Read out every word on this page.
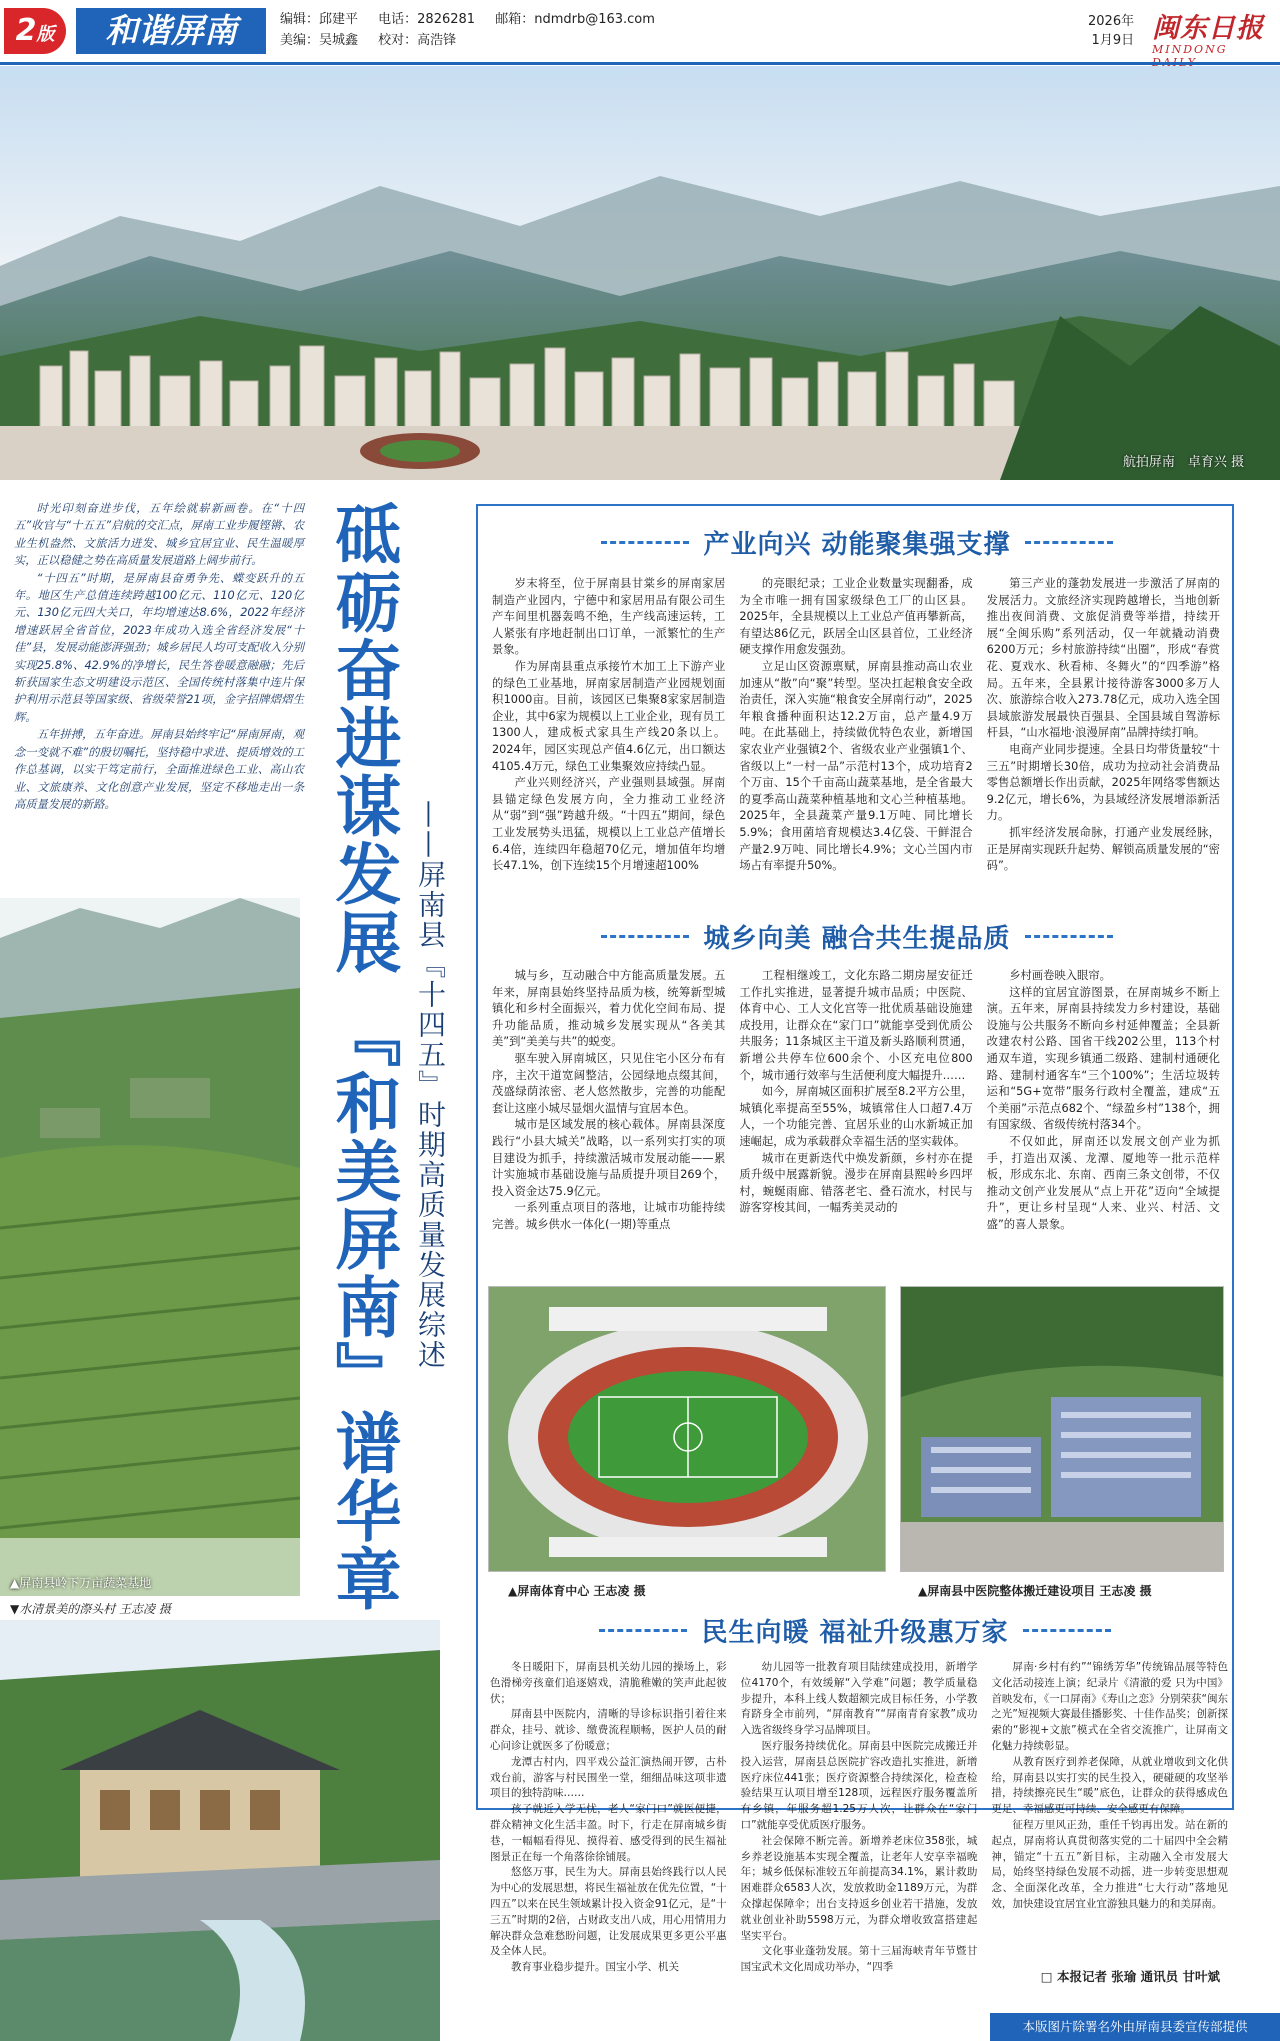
2版	和谐屏南	编辑：邱建平 电话：2826281 邮箱：ndmdrb@163.com
美编：吴城鑫 校对：高浩锋
2026年
1月9日 闽东日报
MINDONG
航拍屏南　卓育兴 摄

时光印刻奋进步伐，五年绘就崭新画卷。在“十四五”收官与“十五五”启航的交汇点，屏南工业步履铿锵、农业生机盎然、文旅活力迸发、城乡宜居宜业、民生温暖厚实，正以稳健之势在高质量发展道路上阔步前行。

“十四五”时期，是屏南县奋勇争先、蝶变跃升的五年。地区生产总值连续跨越100亿元、110亿元、120亿元、130亿元四大关口，年均增速达8.6%，2022年经济增速跃居全省首位，2023年成功入选全省经济发展“十佳”县，发展动能澎湃强劲；城乡居民人均可支配收入分别实现25.8%、42.9%的净增长，民生答卷暖意融融；先后斩获国家生态文明建设示范区、全国传统村落集中连片保护利用示范县等国家级、省级荣誉21项，金字招牌熠熠生辉。

五年拼搏，五年奋进。屏南县始终牢记“屏南屏南，观念一变就不难”的殷切嘱托，坚持稳中求进、提质增效的工作总基调，以实干笃定前行，全面推进绿色工业、高山农业、文旅康养、文化创意产业发展，坚定不移地走出一条高质量发展的新路。

▲屏南县岭下万亩蔬菜基地
▼水清景美的漈头村 王志凌 摄 砥砺奋进谋发展 『和美屏南』谱华章 ——屏南县『十四五』时期高质量发展综述
产业向兴 动能聚集强支撑

岁末将至，位于屏南县甘棠乡的屏南家居制造产业园内，宁德中和家居用品有限公司生产车间里机器轰鸣不绝，生产线高速运转，工人紧张有序地赶制出口订单，一派繁忙的生产景象。

作为屏南县重点承接竹木加工上下游产业的绿色工业基地，屏南家居制造产业园规划面积1000亩。目前，该园区已集聚8家家居制造企业，其中6家为规模以上工业企业，现有员工1300人，建成板式家具生产线20条以上。2024年，园区实现总产值4.6亿元，出口额达4105.4万元，绿色工业集聚效应持续凸显。

产业兴则经济兴，产业强则县域强。屏南县锚定绿色发展方向，全力推动工业经济从“弱”到“强”跨越升级。“十四五”期间，绿色工业发展势头迅猛，规模以上工业总产值增长6.4倍，连续四年稳超70亿元，增加值年均增长47.1%，创下连续15个月增速超100%

的亮眼纪录；工业企业数量实现翻番，成为全市唯一拥有国家级绿色工厂的山区县。2025年，全县规模以上工业总产值再攀新高，有望达86亿元，跃居全山区县首位，工业经济硬支撑作用愈发强劲。

立足山区资源禀赋，屏南县推动高山农业加速从“散”向“聚”转型。坚决扛起粮食安全政治责任，深入实施“粮食安全屏南行动”，2025年粮食播种面积达12.2万亩，总产量4.9万吨。在此基础上，持续做优特色农业，新增国家农业产业强镇2个、省级农业产业强镇1个、省级以上“一村一品”示范村13个，成功培育2个万亩、15个千亩高山蔬菜基地，是全省最大的夏季高山蔬菜种植基地和文心兰种植基地。2025年，全县蔬菜产量9.1万吨、同比增长5.9%；食用菌培育规模达3.4亿袋、干鲜混合产量2.9万吨、同比增长4.9%；文心兰国内市场占有率提升50%。

第三产业的蓬勃发展进一步激活了屏南的发展活力。文旅经济实现跨越增长，当地创新推出夜间消费、文旅促消费等举措，持续开展“全闽乐购”系列活动，仅一年就撬动消费6200万元；乡村旅游持续“出圈”，形成“春赏花、夏戏水、秋看柿、冬舞火”的“四季游”格局。五年来，全县累计接待游客3000多万人次、旅游综合收入273.78亿元，成功入选全国县域旅游发展最快百强县、全国县域自驾游标杆县，“山水福地·浪漫屏南”品牌持续打响。

电商产业同步提速。全县日均带货量较“十三五”时期增长30倍，成功为拉动社会消费品零售总额增长作出贡献，2025年网络零售额达9.2亿元，增长6%，为县域经济发展增添新活力。

抓牢经济发展命脉，打通产业发展经脉，正是屏南实现跃升起势、解锁高质量发展的“密码”。

城乡向美 融合共生提品质

城与乡，互动融合中方能高质量发展。五年来，屏南县始终坚持品质为核，统筹新型城镇化和乡村全面振兴，着力优化空间布局、提升功能品质，推动城乡发展实现从“各美其美”到“美美与共”的蜕变。

驱车驶入屏南城区，只见住宅小区分布有序，主次干道宽阔整洁，公园绿地点缀其间，茂盛绿荫浓密、老人悠然散步，完善的功能配套让这座小城尽显烟火温情与宜居本色。

城市是区域发展的核心载体。屏南县深度践行“小县大城关”战略，以一系列实打实的项目建设为抓手，持续激活城市发展动能——累计实施城市基础设施与品质提升项目269个，投入资金达75.9亿元。

一系列重点项目的落地，让城市功能持续完善。城乡供水一体化(一期)等重点

工程相继竣工，文化东路二期房屋安征迁工作扎实推进，显著提升城市品质；中医院、体育中心、工人文化宫等一批优质基础设施建成投用，让群众在“家门口”就能享受到优质公共服务；11条城区主干道及新头路顺利贯通，新增公共停车位600余个、小区充电位800个，城市通行效率与生活便利度大幅提升……

如今，屏南城区面积扩展至8.2平方公里，城镇化率提高至55%，城镇常住人口超7.4万人，一个功能完善、宜居乐业的山水新城正加速崛起，成为承载群众幸福生活的坚实载体。

城市在更新迭代中焕发新颜，乡村亦在提质升级中展露新貌。漫步在屏南县熙岭乡四坪村，蜿蜒雨廊、错落老宅、叠石流水，村民与游客穿梭其间，一幅秀美灵动的

乡村画卷映入眼帘。

这样的宜居宜游图景，在屏南城乡不断上演。五年来，屏南县持续发力乡村建设，基础设施与公共服务不断向乡村延伸覆盖；全县新改建农村公路、国省干线202公里，113个村通双车道，实现乡镇通二级路、建制村通硬化路、建制村通客车“三个100%”；生活垃圾转运和“5G+宽带”服务行政村全覆盖，建成“五个美丽”示范点682个、“绿盈乡村”138个，拥有国家级、省级传统村落34个。

不仅如此，屏南还以发展文创产业为抓手，打造出双溪、龙潭、厦地等一批示范样板，形成东北、东南、西南三条文创带，不仅推动文创产业发展从“点上开花”迈向“全域提升”，更让乡村呈现“人来、业兴、村活、文盛”的喜人景象。

▲屏南体育中心 王志凌 摄	▲屏南县中医院整体搬迁建设项目 王志凌 摄
民生向暖 福祉升级惠万家

冬日暖阳下，屏南县机关幼儿园的操场上，彩色滑梯旁孩童们追逐嬉戏，清脆稚嫩的笑声此起彼伏；

屏南县中医院内，清晰的导诊标识指引着往来群众，挂号、就诊、缴费流程顺畅，医护人员的耐心问诊让就医多了份暖意；

龙潭古村内，四平戏公益汇演热闹开锣，古朴戏台前，游客与村民围坐一堂，细细品味这项非遗项目的独特韵味……

孩子就近入学无忧，老人“家门口”就医便捷，群众精神文化生活丰盈。时下，行走在屏南城乡街巷，一幅幅看得见、摸得着、感受得到的民生福祉图景正在每一个角落徐徐铺展。

悠悠万事，民生为大。屏南县始终践行以人民为中心的发展思想，将民生福祉放在优先位置，“十四五”以来在民生领域累计投入资金91亿元，是“十三五”时期的2倍，占财政支出八成，用心用情用力解决群众急难愁盼问题，让发展成果更多更公平惠及全体人民。

教育事业稳步提升。国宝小学、机关

幼儿园等一批教育项目陆续建成投用，新增学位4170个，有效缓解“入学难”问题；教学质量稳步提升，本科上线人数超额完成目标任务，小学教育跻身全市前列，“屏南教育”“屏南青育家教”成功入选省级终身学习品牌项目。

医疗服务持续优化。屏南县中医院完成搬迁并投入运营，屏南县总医院扩容改造扎实推进，新增医疗床位441张；医疗资源整合持续深化，检查检验结果互认项目增至128项，远程医疗服务覆盖所有乡镇，年服务超1.25万人次，让群众在“家门口”就能享受优质医疗服务。

社会保障不断完善。新增养老床位358张，城乡养老设施基本实现全覆盖，让老年人安享幸福晚年；城乡低保标准较五年前提高34.1%，累计救助困难群众6583人次，发放救助金1189万元，为群众撑起保障伞；出台支持返乡创业若干措施，发放就业创业补助5598万元，为群众增收致富搭建起坚实平台。

文化事业蓬勃发展。第十三届海峡青年节暨甘国宝武术文化周成功举办，“四季

屏南·乡村有约”“锦绣芳华”传统锦品展等特色文化活动接连上演；纪录片《清澈的爱 只为中国》首映发布，《一口屏南》《寿山之恋》分别荣获“闽东之光”短视频大赛最佳播影奖、十佳作品奖；创新探索的“影视+文旅”模式在全省交流推广，让屏南文化魅力持续彰显。

从教育医疗到养老保障，从就业增收到文化供给，屏南县以实打实的民生投入，硬碰硬的攻坚举措，持续擦亮民生“暖”底色，让群众的获得感成色更足、幸福感更可持续、安全感更有保障。

征程万里风正劲，重任千钧再出发。站在新的起点，屏南将认真贯彻落实党的二十届四中全会精神，锚定“十五五”新目标，主动融入全市发展大局，始终坚持绿色发展不动摇，进一步转变思想观念、全面深化改革，全力推进“七大行动”落地见效，加快建设宜居宜业宜游独具魅力的和美屏南。

□ 本报记者 张瑜 通讯员 甘叶斌
本版图片除署名外由屏南县委宣传部提供
